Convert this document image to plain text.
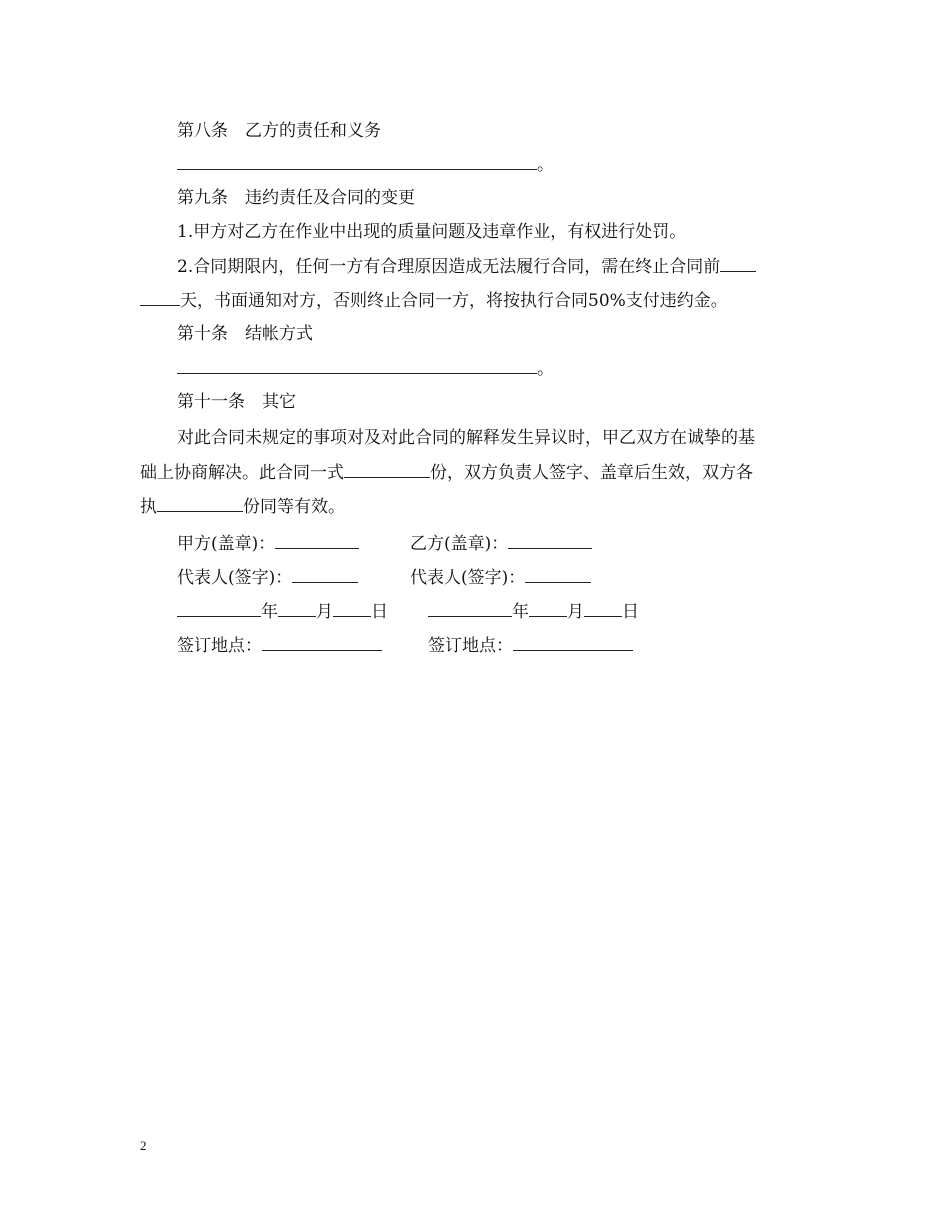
第八条　乙方的责任和义务
。
第九条　违约责任及合同的变更
1.甲方对乙方在作业中出现的质量问题及违章作业，有权进行处罚。
2.合同期限内，任何一方有合理原因造成无法履行合同，需在终止合同前
天，书面通知对方，否则终止合同一方，将按执行合同50%支付违约金。
第十条　结帐方式
。
第十一条　其它
对此合同未规定的事项对及对此合同的解释发生异议时，甲乙双方在诚挚的基
础上协商解决。此合同一式	份，双方负责人签字、盖章后生效，双方各
执	份同等有效。
甲方(盖章)：	乙方(盖章)：
代表人(签字)：	代表人(签字)：
年 月 日	年 月 日
签订地点：	签订地点：
2
